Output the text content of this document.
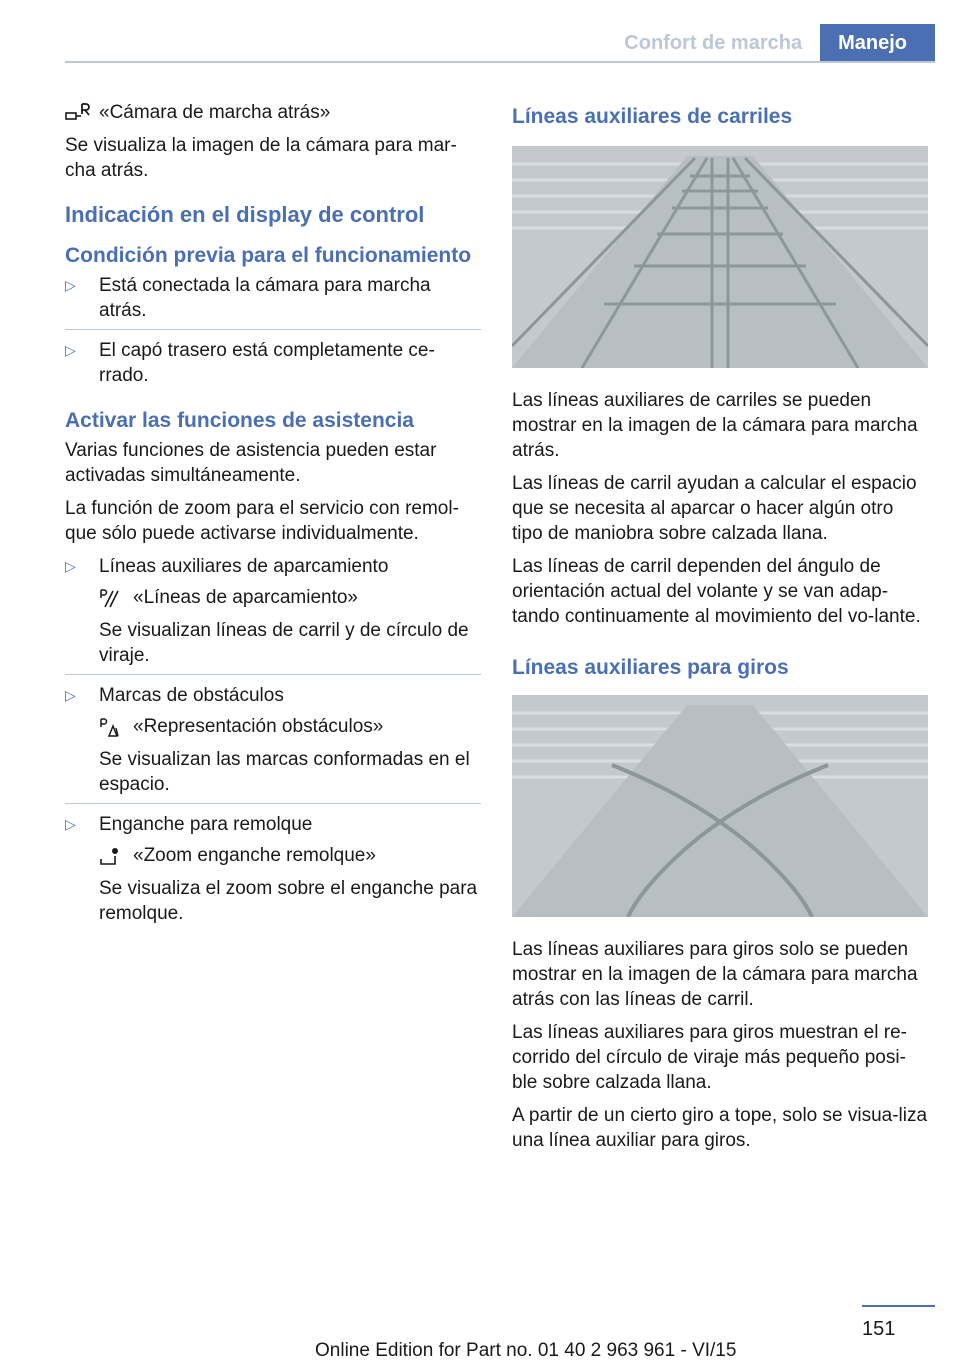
Confort de marcha	Manejo
«Cámara de marcha atrás»

Se visualiza la imagen de la cámara para mar-cha atrás.

Indicación en el display de control
Condición previa para el funcionamiento
▷ Está conectada la cámara para marcha atrás.
▷ El capó trasero está completamente ce-rrado.
Activar las funciones de asistencia

Varias funciones de asistencia pueden estar activadas simultáneamente.

La función de zoom para el servicio con remol-que sólo puede activarse individualmente.

▷ Líneas auxiliares de aparcamiento
«Líneas de aparcamiento»
Se visualizan líneas de carril y de círculo de viraje.
▷ Marcas de obstáculos
«Representación obstáculos»
Se visualizan las marcas conformadas en el espacio.
▷ Enganche para remolque
«Zoom enganche remolque»
Se visualiza el zoom sobre el enganche para remolque.
Líneas auxiliares de carriles

Las líneas auxiliares de carriles se pueden mostrar en la imagen de la cámara para marcha atrás.

Las líneas de carril ayudan a calcular el espacio que se necesita al aparcar o hacer algún otro tipo de maniobra sobre calzada llana.

Las líneas de carril dependen del ángulo de orientación actual del volante y se van adap-tando continuamente al movimiento del vo-lante.

Líneas auxiliares para giros

Las líneas auxiliares para giros solo se pueden mostrar en la imagen de la cámara para marcha atrás con las líneas de carril.

Las líneas auxiliares para giros muestran el re-corrido del círculo de viraje más pequeño posi-ble sobre calzada llana.

A partir de un cierto giro a tope, solo se visua-liza una línea auxiliar para giros.

151
Online Edition for Part no. 01 40 2 963 961 - VI/15
